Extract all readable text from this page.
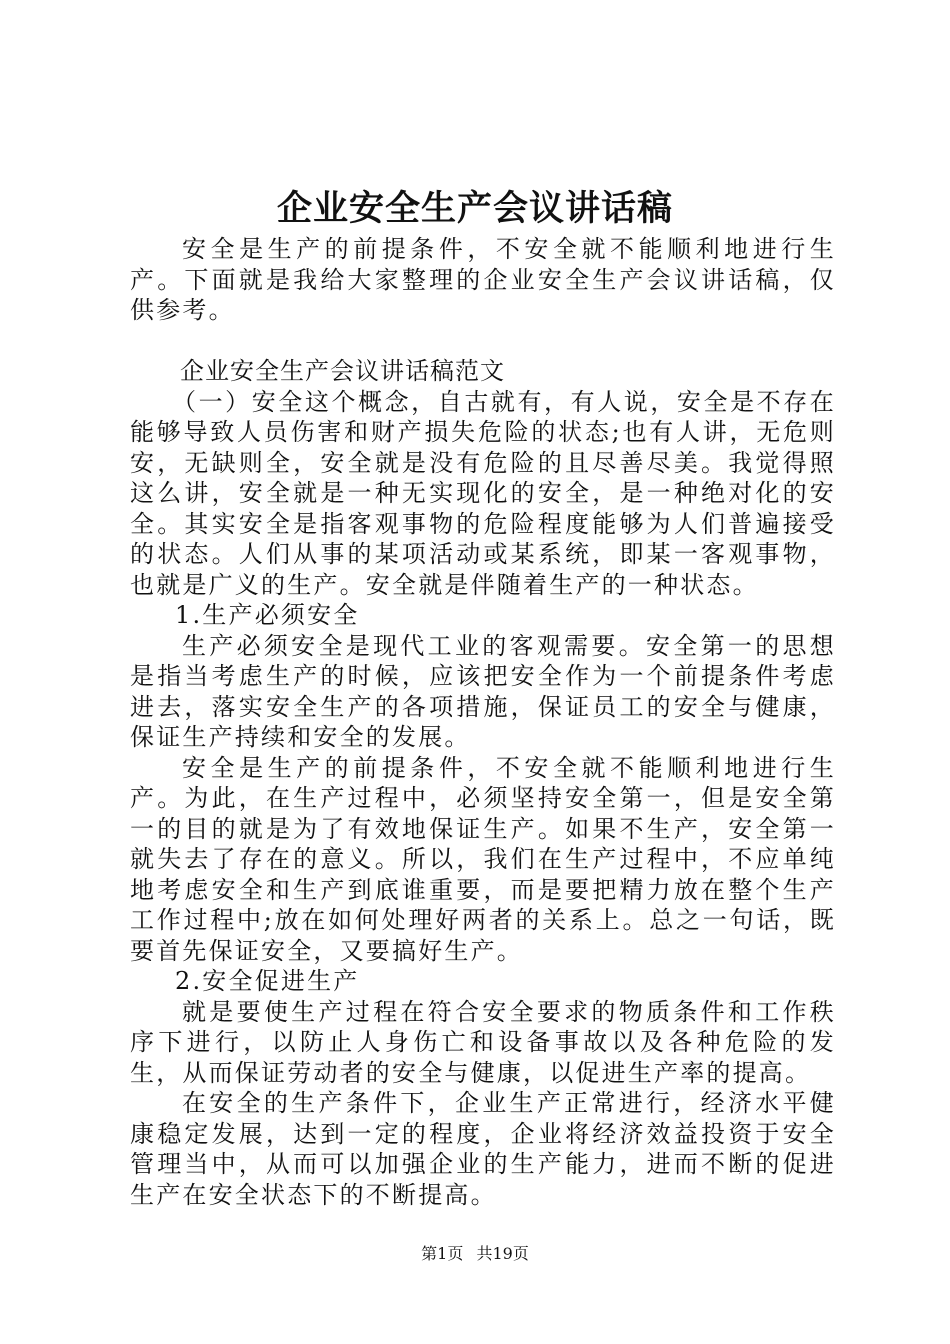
企业安全生产会议讲话稿

安全是生产的前提条件，不安全就不能顺利地进行生产。下面就是我给大家整理的企业安全生产会议讲话稿，仅供参考。

企业安全生产会议讲话稿范文

（一）安全这个概念，自古就有，有人说，安全是不存在能够导致人员伤害和财产损失危险的状态;也有人讲，无危则安，无缺则全，安全就是没有危险的且尽善尽美。我觉得照这么讲，安全就是一种无实现化的安全，是一种绝对化的安全。其实安全是指客观事物的危险程度能够为人们普遍接受的状态。人们从事的某项活动或某系统，即某一客观事物，也就是广义的生产。安全就是伴随着生产的一种状态。

1.生产必须安全

生产必须安全是现代工业的客观需要。安全第一的思想是指当考虑生产的时候，应该把安全作为一个前提条件考虑进去，落实安全生产的各项措施，保证员工的安全与健康，保证生产持续和安全的发展。

安全是生产的前提条件，不安全就不能顺利地进行生产。为此，在生产过程中，必须坚持安全第一，但是安全第一的目的就是为了有效地保证生产。如果不生产，安全第一就失去了存在的意义。所以，我们在生产过程中，不应单纯地考虑安全和生产到底谁重要，而是要把精力放在整个生产工作过程中;放在如何处理好两者的关系上。总之一句话，既要首先保证安全，又要搞好生产。

2.安全促进生产

就是要使生产过程在符合安全要求的物质条件和工作秩序下进行，以防止人身伤亡和设备事故以及各种危险的发生，从而保证劳动者的安全与健康，以促进生产率的提高。

在安全的生产条件下，企业生产正常进行，经济水平健康稳定发展，达到一定的程度，企业将经济效益投资于安全管理当中，从而可以加强企业的生产能力，进而不断的促进生产在安全状态下的不断提高。

第1页 共19页
